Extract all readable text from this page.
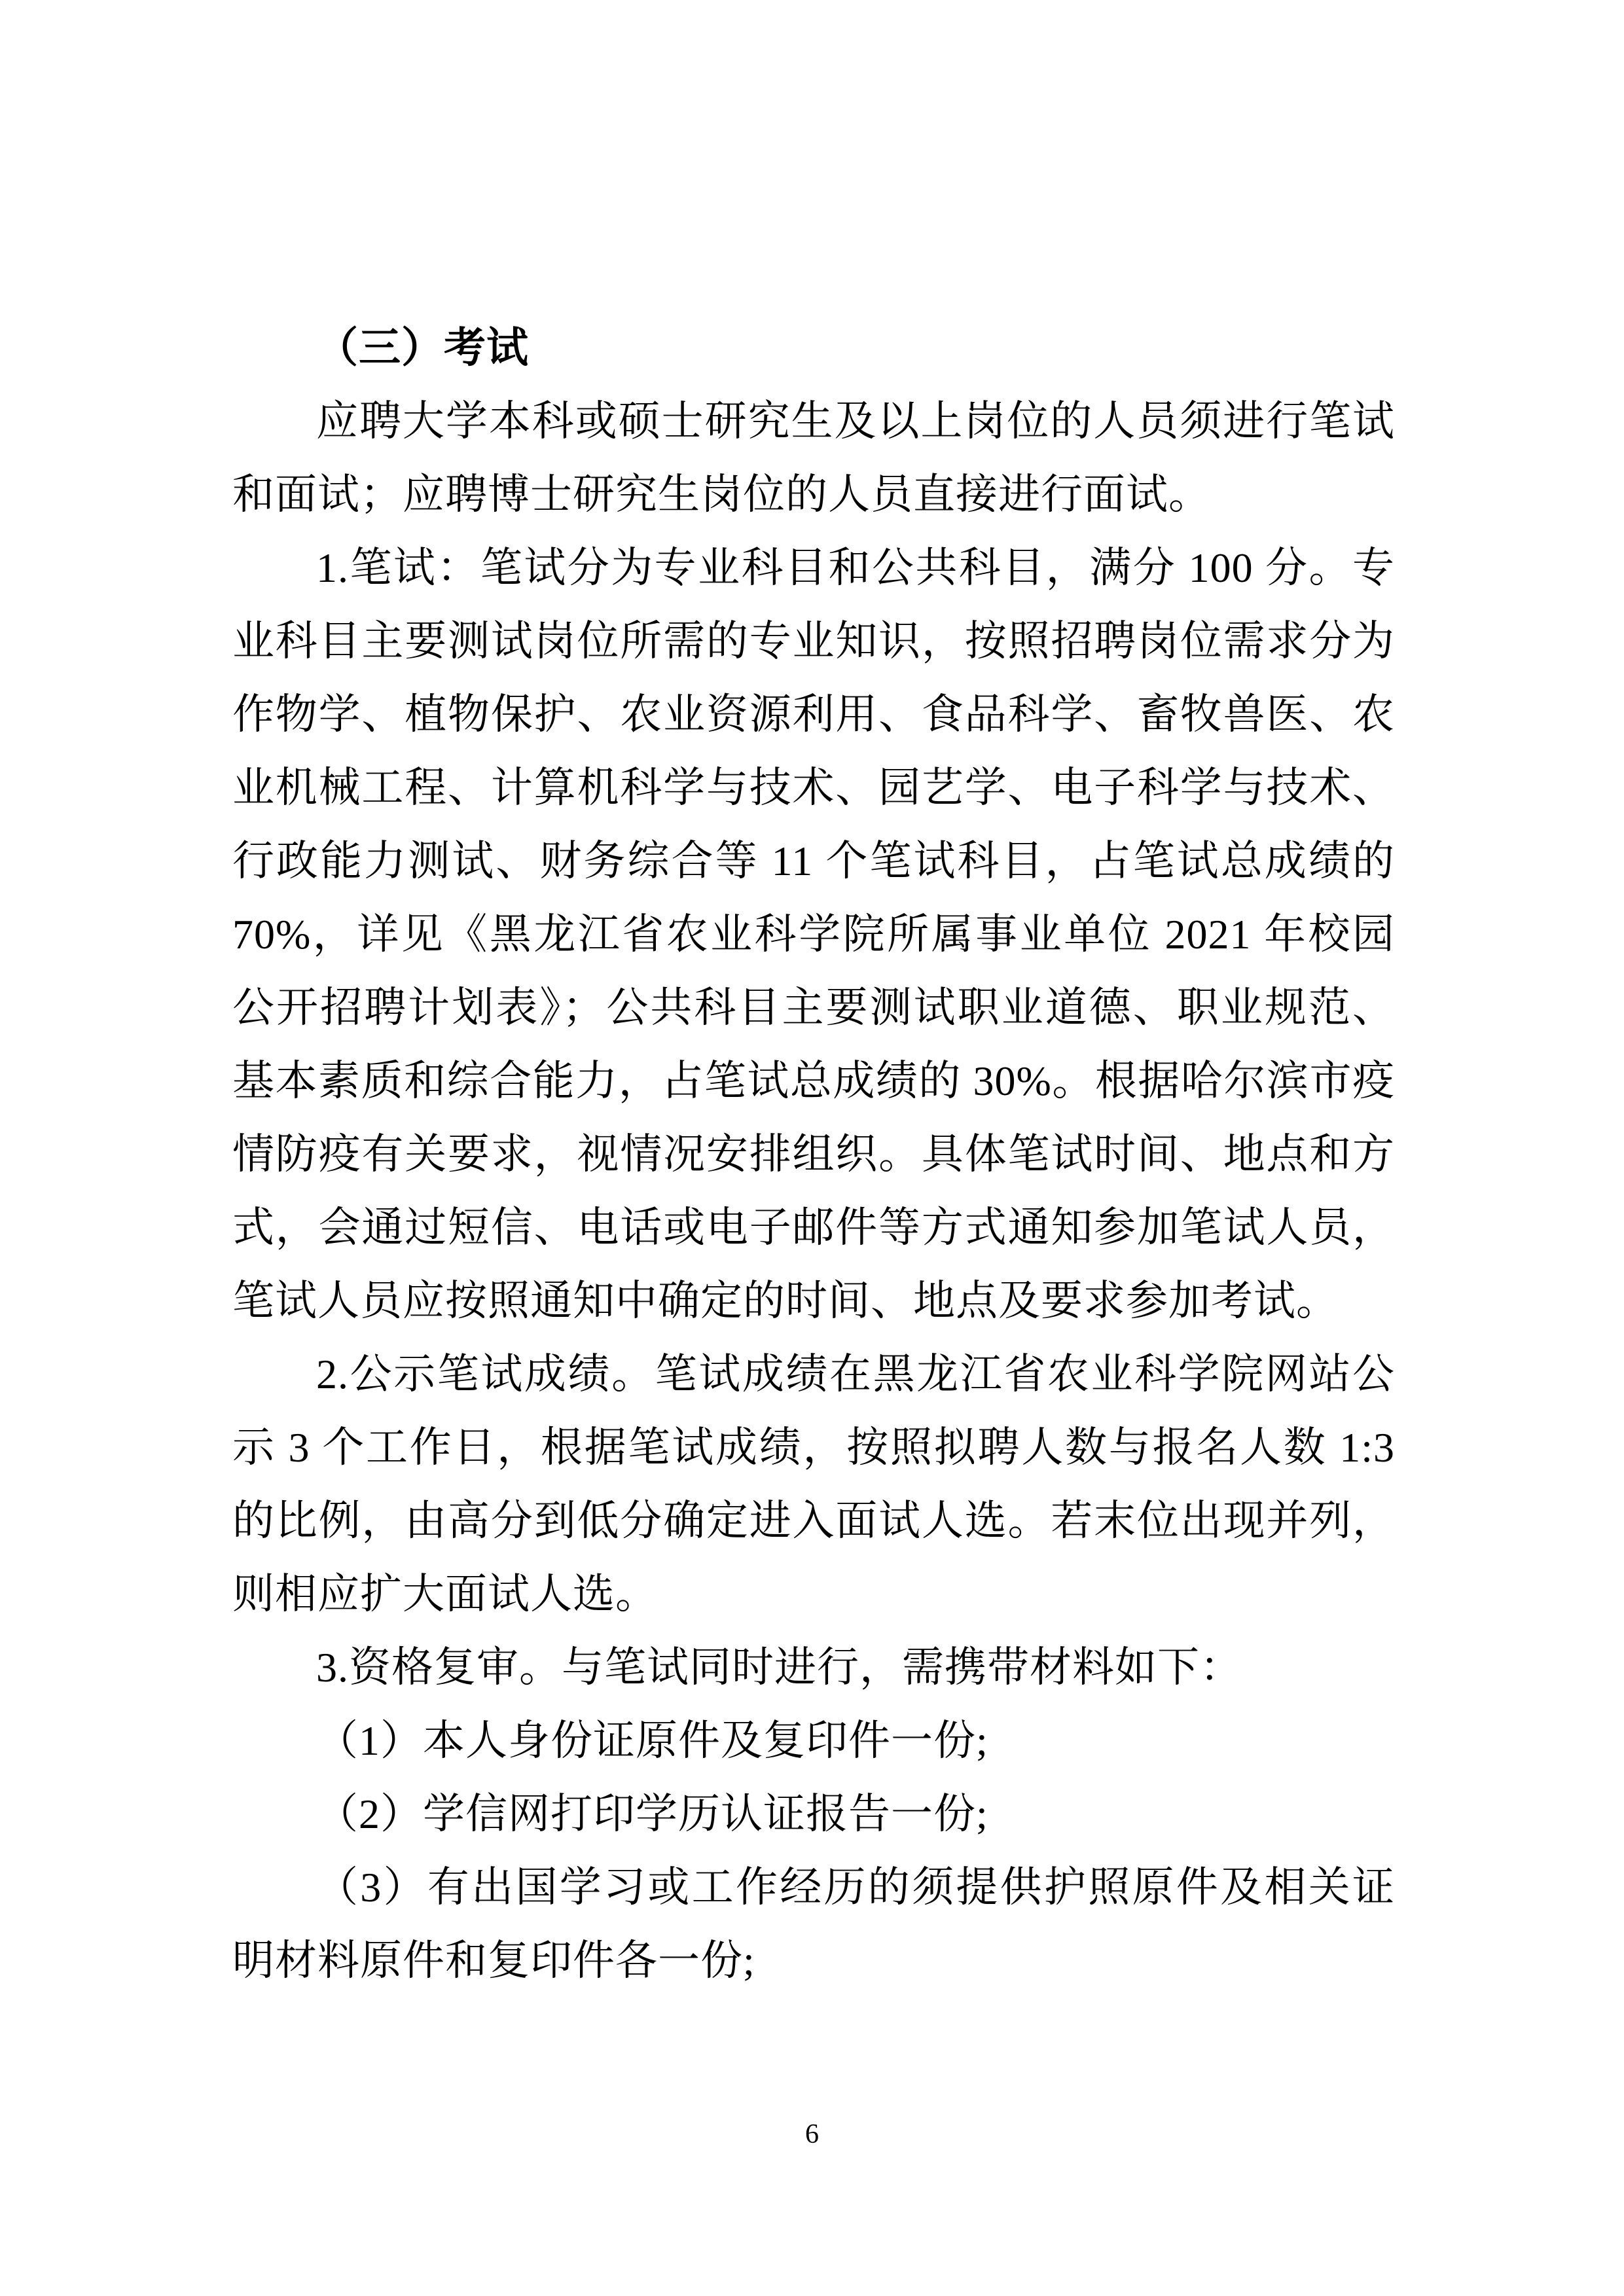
（三）考试

应聘大学本科或硕士研究生及以上岗位的人员须进行笔试和面试；应聘博士研究生岗位的人员直接进行面试。

1.笔试：笔试分为专业科目和公共科目，满分 100 分。专业科目主要测试岗位所需的专业知识，按照招聘岗位需求分为作物学、植物保护、农业资源利用、食品科学、畜牧兽医、农业机械工程、计算机科学与技术、园艺学、电子科学与技术、行政能力测试、财务综合等 11 个笔试科目，占笔试总成绩的 70%，详见《黑龙江省农业科学院所属事业单位 2021 年校园公开招聘计划表》；公共科目主要测试职业道德、职业规范、基本素质和综合能力，占笔试总成绩的 30%。根据哈尔滨市疫情防疫有关要求，视情况安排组织。具体笔试时间、地点和方式，会通过短信、电话或电子邮件等方式通知参加笔试人员，笔试人员应按照通知中确定的时间、地点及要求参加考试。

2.公示笔试成绩。笔试成绩在黑龙江省农业科学院网站公示 3 个工作日，根据笔试成绩，按照拟聘人数与报名人数 1:3 的比例，由高分到低分确定进入面试人选。若末位出现并列，则相应扩大面试人选。

3.资格复审。与笔试同时进行，需携带材料如下：

（1）本人身份证原件及复印件一份;

（2）学信网打印学历认证报告一份;

（3）有出国学习或工作经历的须提供护照原件及相关证明材料原件和复印件各一份;

6
